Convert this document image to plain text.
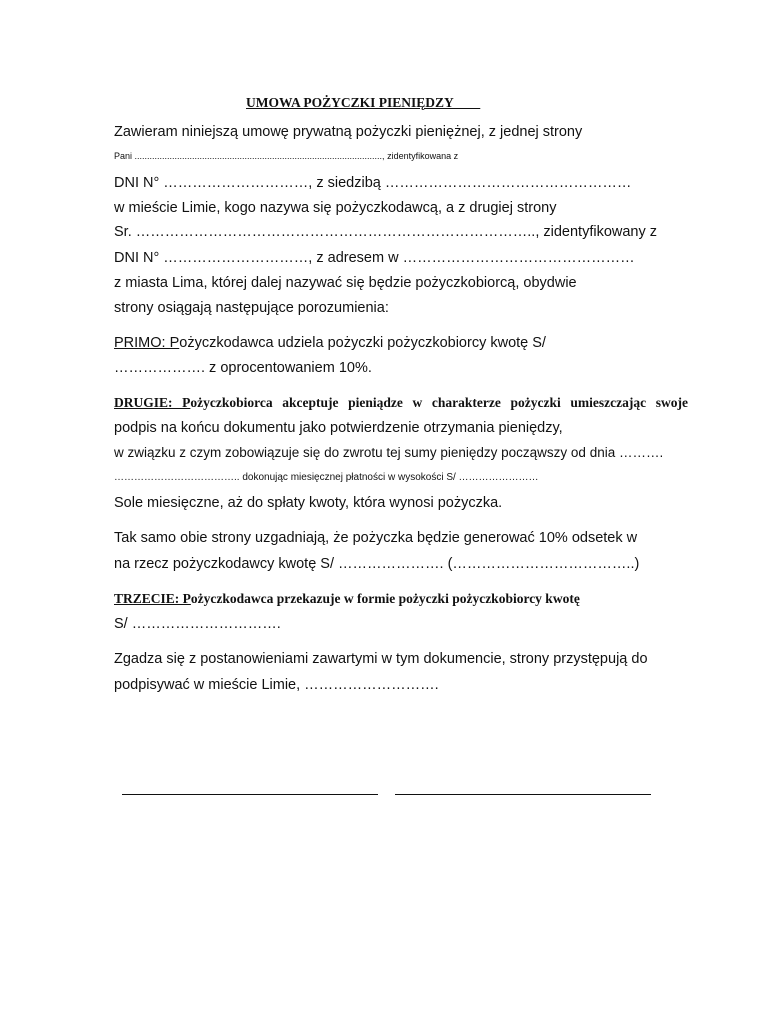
UMOWA POŻYCZKI PIENIĘDZY
Zawieram niniejszą umowę prywatną pożyczki pieniężnej, z jednej strony
Pani ..................................................................................................., zidentyfikowana z
DNI N° …………………………, z siedzibą ……………………………………………
w mieście Limie, kogo nazywa się pożyczkodawcą, a z drugiej strony
Sr. ……………………………………………………………………….., zidentyfikowany z
DNI N° …………………………, z adresem w …………………………………………
z miasta Lima, której dalej nazywać się będzie pożyczkobiorcą, obydwie
strony osiągają następujące porozumienia:
PRIMO: Pożyczkodawca udziela pożyczki pożyczkobiorcy kwotę S/
………………. z oprocentowaniem 10%.
DRUGIE: Pożyczkobiorca akceptuje pieniądze w charakterze pożyczki umieszczając swoje
podpis na końcu dokumentu jako potwierdzenie otrzymania pieniędzy,
w związku z czym zobowiązuje się do zwrotu tej sumy pieniędzy począwszy od dnia ……….
……………………………….. dokonując miesięcznej płatności w wysokości S/ ……………………
Sole miesięczne, aż do spłaty kwoty, która wynosi pożyczka.
Tak samo obie strony uzgadniają, że pożyczka będzie generować 10% odsetek w
na rzecz pożyczkodawcy kwotę S/ …………………. (………………………………..)
TRZECIE: Pożyczkodawca przekazuje w formie pożyczki pożyczkobiorcy kwotę
S/ ………………………….
Zgadza się z postanowieniami zawartymi w tym dokumencie, strony przystępują do
podpisywać w mieście Limie, ……………………….
